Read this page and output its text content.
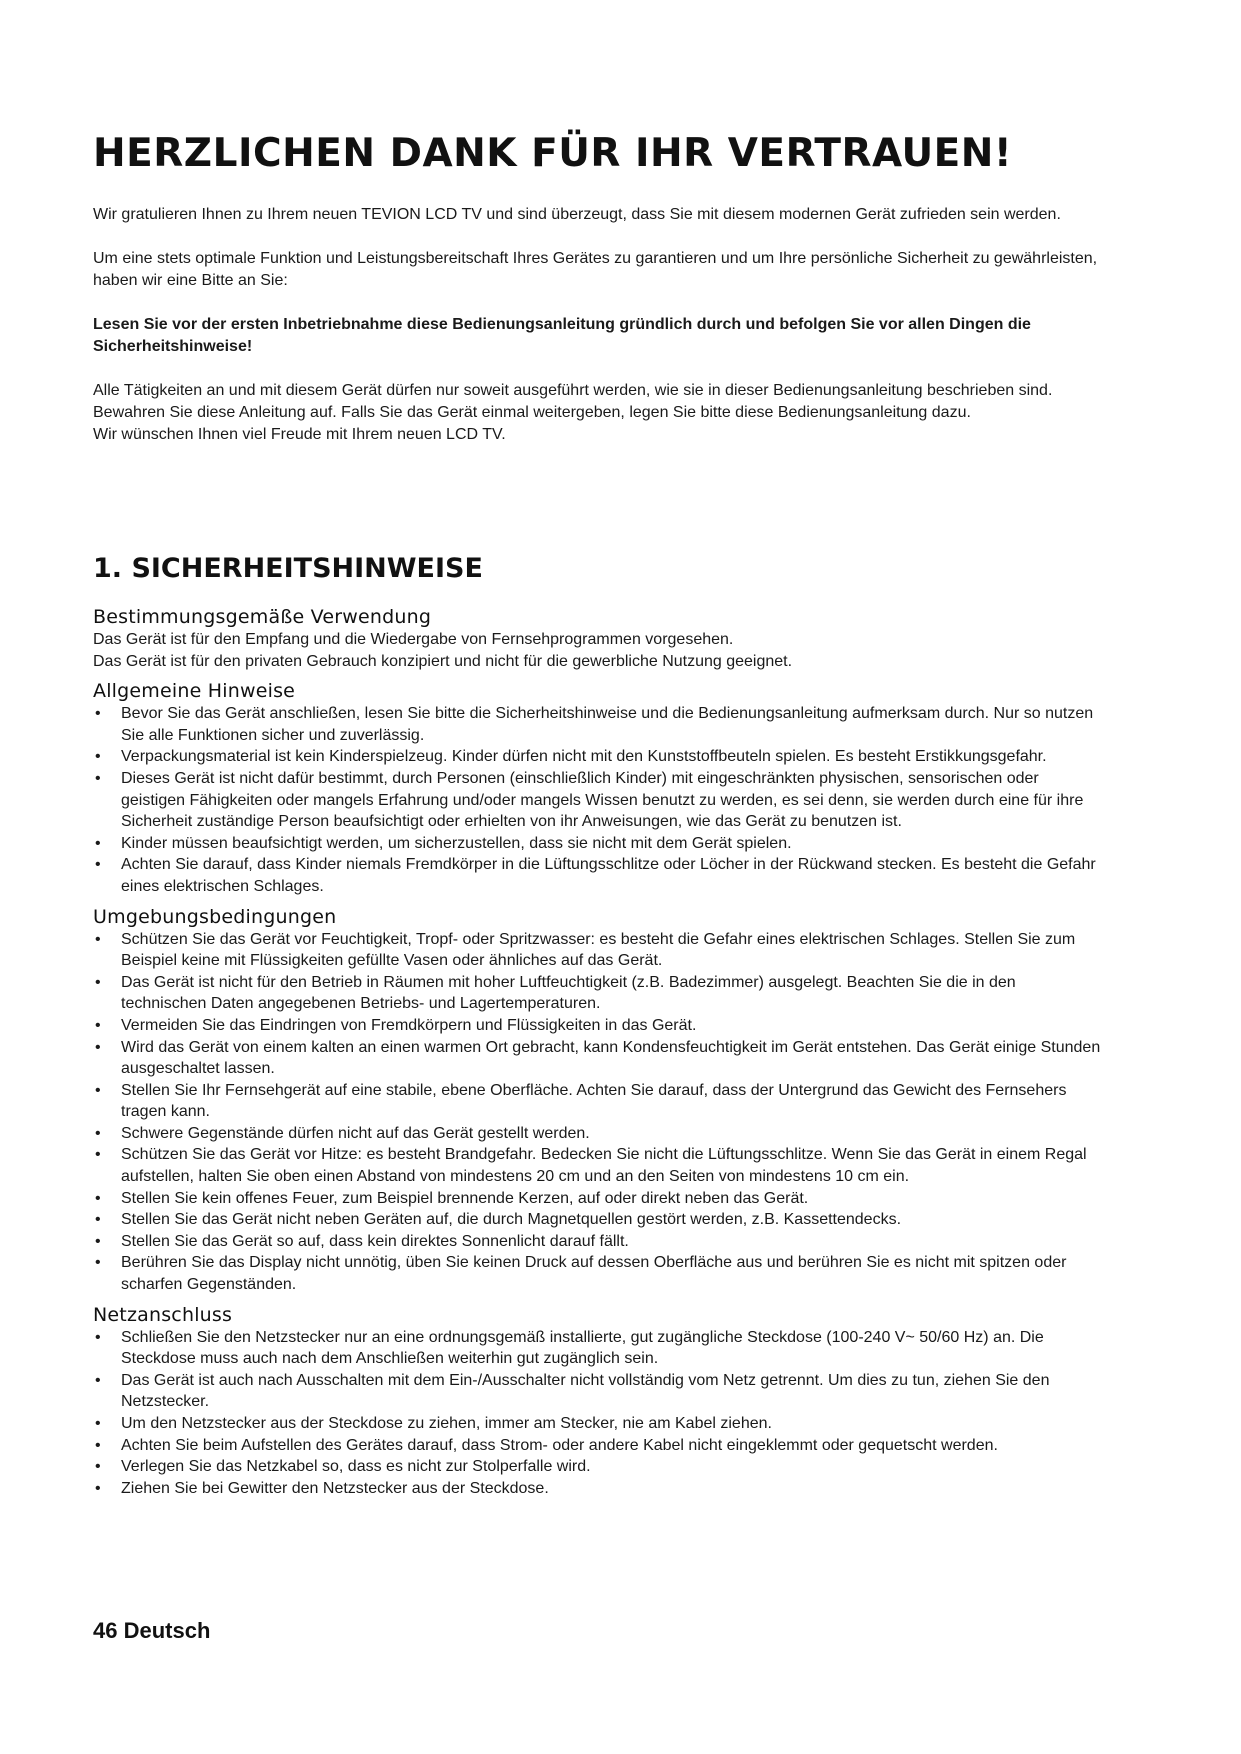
HERZLICHEN DANK FÜR IHR VERTRAUEN!

Wir gratulieren Ihnen zu Ihrem neuen TEVION LCD TV und sind überzeugt, dass Sie mit diesem modernen Gerät zufrieden sein werden.

Um eine stets optimale Funktion und Leistungsbereitschaft Ihres Gerätes zu garantieren und um Ihre persönliche Sicherheit zu gewährleisten, haben wir eine Bitte an Sie:

Lesen Sie vor der ersten Inbetriebnahme diese Bedienungsanleitung gründlich durch und befolgen Sie vor allen Dingen die Sicherheitshinweise!

Alle Tätigkeiten an und mit diesem Gerät dürfen nur soweit ausgeführt werden, wie sie in dieser Bedienungsanleitung beschrieben sind.

Bewahren Sie diese Anleitung auf. Falls Sie das Gerät einmal weitergeben, legen Sie bitte diese Bedienungsanleitung dazu.

Wir wünschen Ihnen viel Freude mit Ihrem neuen LCD TV.

1. SICHERHEITSHINWEISE
Bestimmungsgemäße Verwendung

Das Gerät ist für den Empfang und die Wiedergabe von Fernsehprogrammen vorgesehen.

Das Gerät ist für den privaten Gebrauch konzipiert und nicht für die gewerbliche Nutzung geeignet.

Allgemeine Hinweise
• Bevor Sie das Gerät anschließen, lesen Sie bitte die Sicherheitshinweise und die Bedienungsanleitung aufmerksam durch. Nur so nutzen Sie alle Funktionen sicher und zuverlässig.
• Verpackungsmaterial ist kein Kinderspielzeug. Kinder dürfen nicht mit den Kunststoffbeuteln spielen. Es besteht Erstikkungsgefahr.
• Dieses Gerät ist nicht dafür bestimmt, durch Personen (einschließlich Kinder) mit eingeschränkten physischen, sensorischen oder geistigen Fähigkeiten oder mangels Erfahrung und/oder mangels Wissen benutzt zu werden, es sei denn, sie werden durch eine für ihre Sicherheit zuständige Person beaufsichtigt oder erhielten von ihr Anweisungen, wie das Gerät zu benutzen ist.
• Kinder müssen beaufsichtigt werden, um sicherzustellen, dass sie nicht mit dem Gerät spielen.
• Achten Sie darauf, dass Kinder niemals Fremdkörper in die Lüftungsschlitze oder Löcher in der Rückwand stecken. Es besteht die Gefahr eines elektrischen Schlages.
Umgebungsbedingungen
• Schützen Sie das Gerät vor Feuchtigkeit, Tropf- oder Spritzwasser: es besteht die Gefahr eines elektrischen Schlages. Stellen Sie zum Beispiel keine mit Flüssigkeiten gefüllte Vasen oder ähnliches auf das Gerät.
• Das Gerät ist nicht für den Betrieb in Räumen mit hoher Luftfeuchtigkeit (z.B. Badezimmer) ausgelegt. Beachten Sie die in den technischen Daten angegebenen Betriebs- und Lagertemperaturen.
• Vermeiden Sie das Eindringen von Fremdkörpern und Flüssigkeiten in das Gerät.
• Wird das Gerät von einem kalten an einen warmen Ort gebracht, kann Kondensfeuchtigkeit im Gerät entstehen. Das Gerät einige Stunden ausgeschaltet lassen.
• Stellen Sie Ihr Fernsehgerät auf eine stabile, ebene Oberfläche. Achten Sie darauf, dass der Untergrund das Gewicht des Fernsehers tragen kann.
• Schwere Gegenstände dürfen nicht auf das Gerät gestellt werden.
• Schützen Sie das Gerät vor Hitze: es besteht Brandgefahr. Bedecken Sie nicht die Lüftungsschlitze. Wenn Sie das Gerät in einem Regal aufstellen, halten Sie oben einen Abstand von mindestens 20 cm und an den Seiten von mindestens 10 cm ein.
• Stellen Sie kein offenes Feuer, zum Beispiel brennende Kerzen, auf oder direkt neben das Gerät.
• Stellen Sie das Gerät nicht neben Geräten auf, die durch Magnetquellen gestört werden, z.B. Kassettendecks.
• Stellen Sie das Gerät so auf, dass kein direktes Sonnenlicht darauf fällt.
• Berühren Sie das Display nicht unnötig, üben Sie keinen Druck auf dessen Oberfläche aus und berühren Sie es nicht mit spitzen oder scharfen Gegenständen.
Netzanschluss
• Schließen Sie den Netzstecker nur an eine ordnungsgemäß installierte, gut zugängliche Steckdose (100-240 V~ 50/60 Hz) an. Die Steckdose muss auch nach dem Anschließen weiterhin gut zugänglich sein.
• Das Gerät ist auch nach Ausschalten mit dem Ein-/Ausschalter nicht vollständig vom Netz getrennt. Um dies zu tun, ziehen Sie den Netzstecker.
• Um den Netzstecker aus der Steckdose zu ziehen, immer am Stecker, nie am Kabel ziehen.
• Achten Sie beim Aufstellen des Gerätes darauf, dass Strom- oder andere Kabel nicht eingeklemmt oder gequetscht werden.
• Verlegen Sie das Netzkabel so, dass es nicht zur Stolperfalle wird.
• Ziehen Sie bei Gewitter den Netzstecker aus der Steckdose.
46 Deutsch
